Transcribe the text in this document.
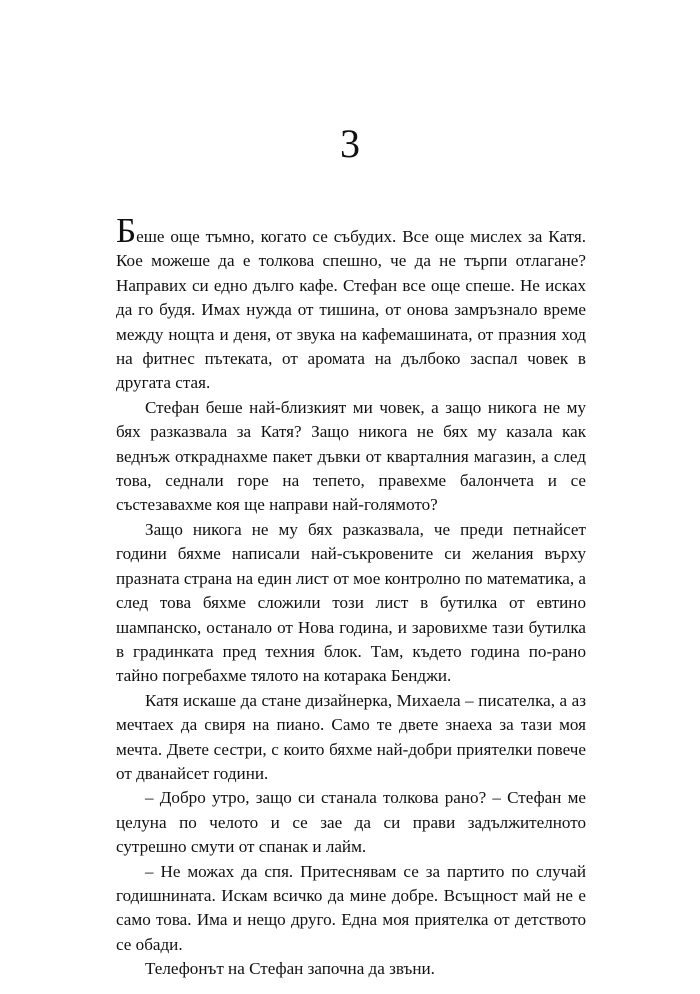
3

Беше още тъмно, когато се събудих. Все още мислех за Катя. Кое можеше да е толкова спешно, че да не търпи отлагане? Направих си едно дълго кафе. Стефан все още спеше. Не исках да го будя. Имах нужда от тишина, от онова замръзнало време между нощта и деня, от звука на кафемашината, от празния ход на фитнес пътеката, от аромата на дълбоко заспал човек в другата стая.

Стефан беше най-близкият ми човек, а защо никога не му бях разказвала за Катя? Защо никога не бях му казала как веднъж откраднахме пакет дъвки от кварталния магазин, а след това, седнали горе на тепето, правехме балончета и се състезавахме коя ще направи най-голямото?

Защо никога не му бях разказвала, че преди петнайсет години бяхме написали най-съкровените си желания върху празната страна на един лист от мое контролно по математика, а след това бяхме сложили този лист в бутилка от евтино шампанско, останало от Нова година, и заровихме тази бутилка в градинката пред техния блок. Там, където година по-рано тайно погребахме тялото на котарака Бенджи.

Катя искаше да стане дизайнерка, Михаела – писателка, а аз мечтаех да свиря на пиано. Само те двете знаеха за тази моя мечта. Двете сестри, с които бяхме най-добри приятелки повече от дванайсет години.

– Добро утро, защо си станала толкова рано? – Стефан ме целуна по челото и се зае да си прави задължителното сутрешно смути от спанак и лайм.

– Не можах да спя. Притеснявам се за партито по случай годишнината. Искам всичко да мине добре. Всъщност май не е само това. Има и нещо друго. Една моя приятелка от детството се обади.

Телефонът на Стефан започна да звъни.
